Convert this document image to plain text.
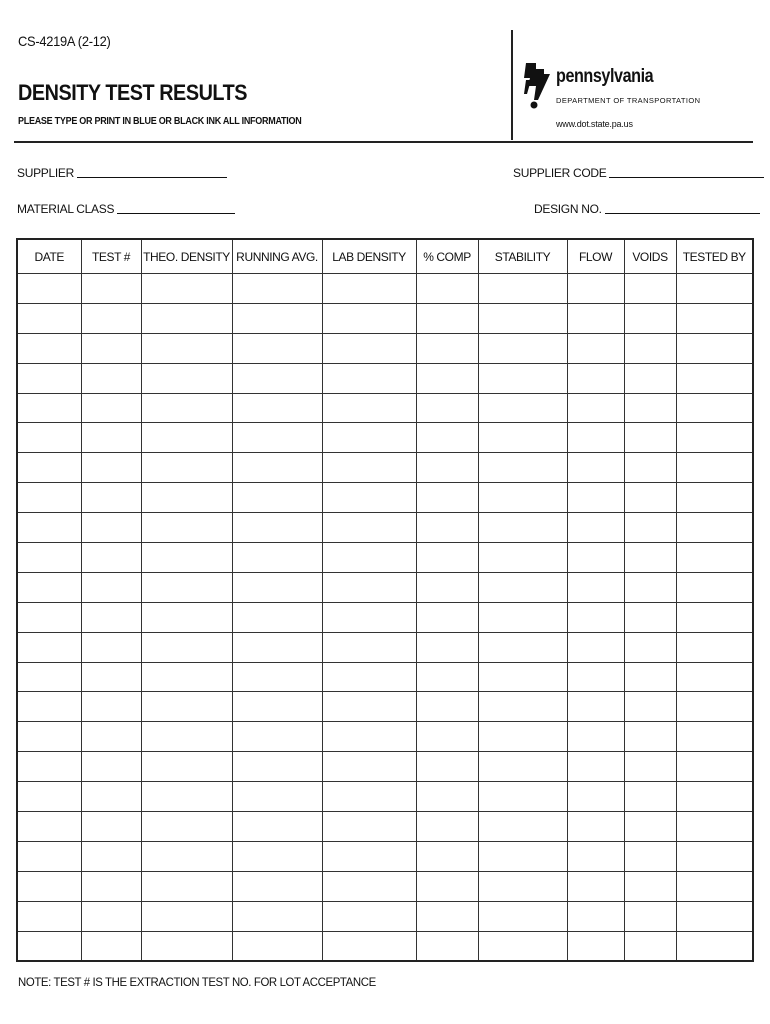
CS-4219A (2-12)
DENSITY TEST RESULTS
PLEASE TYPE OR PRINT IN BLUE OR BLACK INK ALL INFORMATION
pennsylvania
DEPARTMENT OF TRANSPORTATION
www.dot.state.pa.us
SUPPLIER	SUPPLIER CODE
MATERIAL CLASS	DESIGN NO.
DATE	TEST #	THEO. DENSITY	RUNNING AVG.	LAB DENSITY	% COMP	STABILITY	FLOW	VOIDS	TESTED BY

NOTE: TEST # IS THE EXTRACTION TEST NO. FOR LOT ACCEPTANCE
